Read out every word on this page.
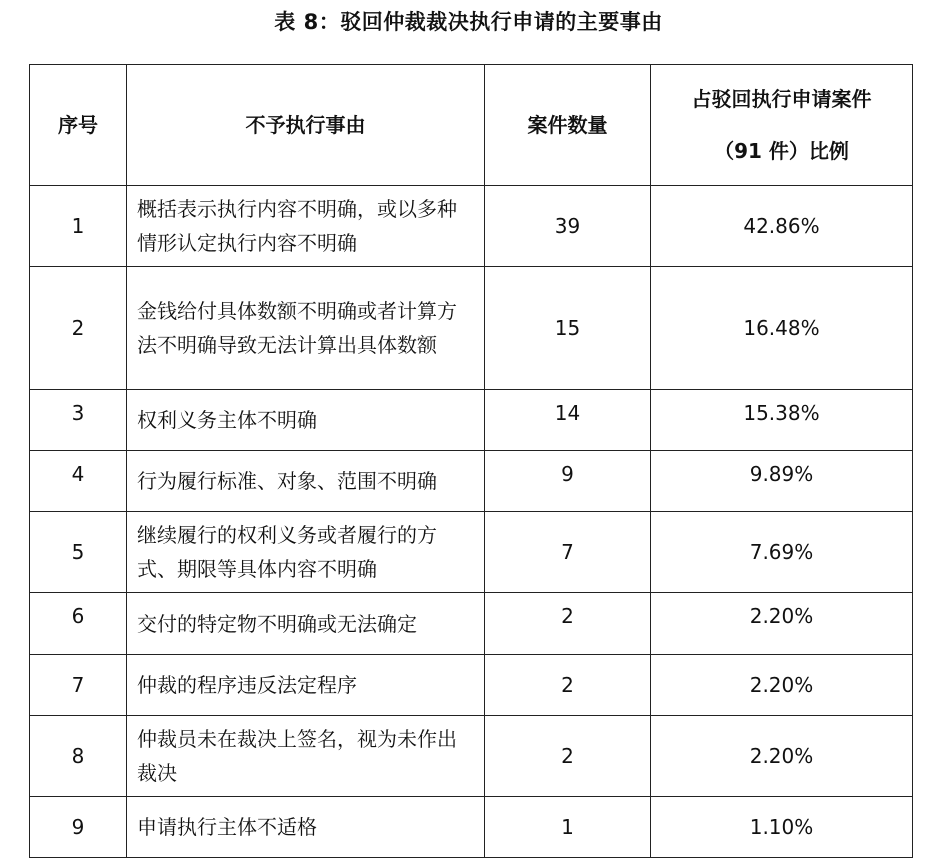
表 8：驳回仲裁裁决执行申请的主要事由
序号	不予执行事由	案件数量	占驳回执行申请案件
（91 件）比例

1	概括表示执行内容不明确，或以多种情形认定执行内容不明确	39	42.86%
2	金钱给付具体数额不明确或者计算方法不明确导致无法计算出具体数额	15	16.48%
3	权利义务主体不明确	14	15.38%
4	行为履行标准、对象、范围不明确	9	9.89%
5	继续履行的权利义务或者履行的方式、期限等具体内容不明确	7	7.69%
6	交付的特定物不明确或无法确定	2	2.20%
7	仲裁的程序违反法定程序	2	2.20%
8	仲裁员未在裁决上签名，视为未作出裁决	2	2.20%
9	申请执行主体不适格	1	1.10%
